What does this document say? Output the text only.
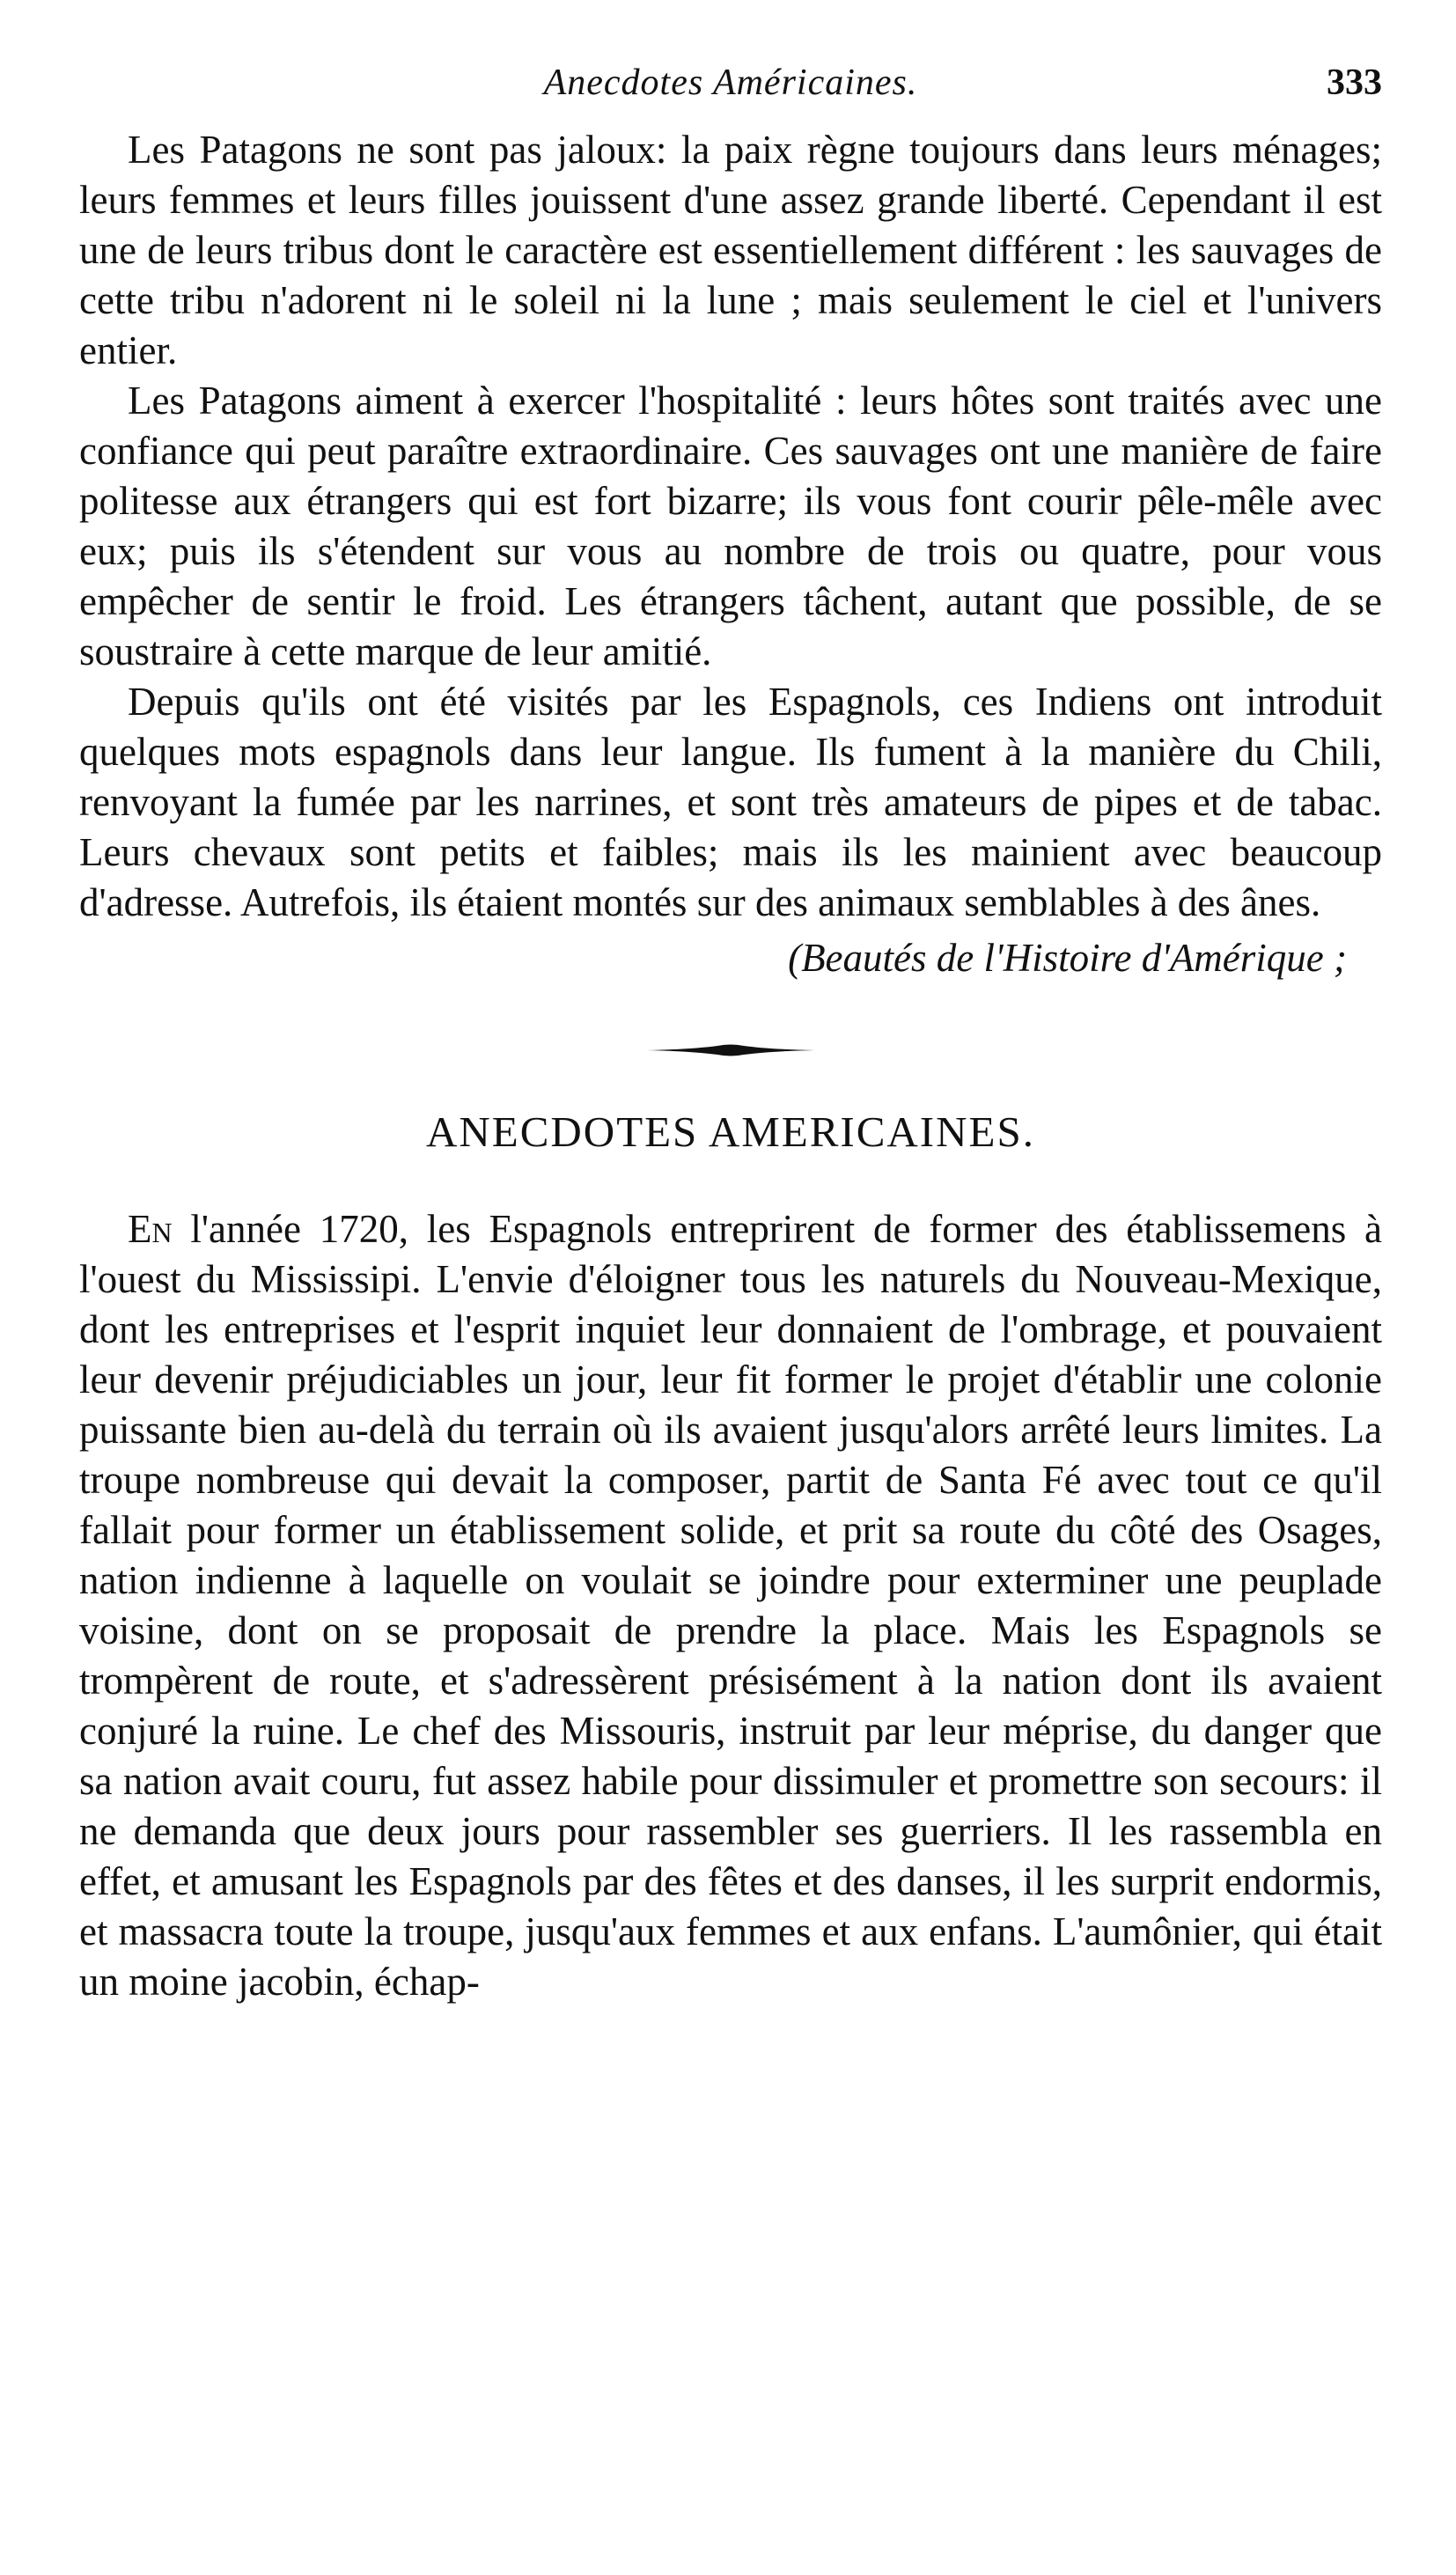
Anecdotes Américaines.	333

Les Patagons ne sont pas jaloux: la paix règne toujours dans leurs ménages; leurs femmes et leurs filles jouissent d'une assez grande liberté. Cependant il est une de leurs tribus dont le caractère est essentiellement différent : les sauvages de cette tribu n'adorent ni le soleil ni la lune ; mais seulement le ciel et l'univers entier.

Les Patagons aiment à exercer l'hospitalité : leurs hôtes sont traités avec une confiance qui peut paraître extraordinaire. Ces sauvages ont une manière de faire politesse aux étrangers qui est fort bizarre; ils vous font courir pêle-mêle avec eux; puis ils s'étendent sur vous au nombre de trois ou quatre, pour vous empêcher de sentir le froid. Les étrangers tâchent, autant que possible, de se soustraire à cette marque de leur amitié.

Depuis qu'ils ont été visités par les Espagnols, ces Indiens ont introduit quelques mots espagnols dans leur langue. Ils fument à la manière du Chili, renvoyant la fumée par les narrines, et sont très amateurs de pipes et de tabac. Leurs chevaux sont petits et faibles; mais ils les mainient avec beaucoup d'adresse. Autrefois, ils étaient montés sur des animaux semblables à des ânes.

(Beautés de l'Histoire d'Amérique ;

ANECDOTES AMERICAINES.

En l'année 1720, les Espagnols entreprirent de former des établissemens à l'ouest du Mississipi. L'envie d'éloigner tous les naturels du Nouveau-Mexique, dont les entreprises et l'esprit inquiet leur donnaient de l'ombrage, et pouvaient leur devenir préjudiciables un jour, leur fit former le projet d'établir une colonie puissante bien au-delà du terrain où ils avaient jusqu'alors arrêté leurs limites. La troupe nombreuse qui devait la composer, partit de Santa Fé avec tout ce qu'il fallait pour former un établissement solide, et prit sa route du côté des Osages, nation indienne à laquelle on voulait se joindre pour exterminer une peuplade voisine, dont on se proposait de prendre la place. Mais les Espagnols se trompèrent de route, et s'adressèrent présisément à la nation dont ils avaient conjuré la ruine. Le chef des Missouris, instruit par leur méprise, du danger que sa nation avait couru, fut assez habile pour dissimuler et promettre son secours: il ne demanda que deux jours pour rassembler ses guerriers. Il les rassembla en effet, et amusant les Espagnols par des fêtes et des danses, il les surprit endormis, et massacra toute la troupe, jusqu'aux femmes et aux enfans. L'aumônier, qui était un moine jacobin, échap-
